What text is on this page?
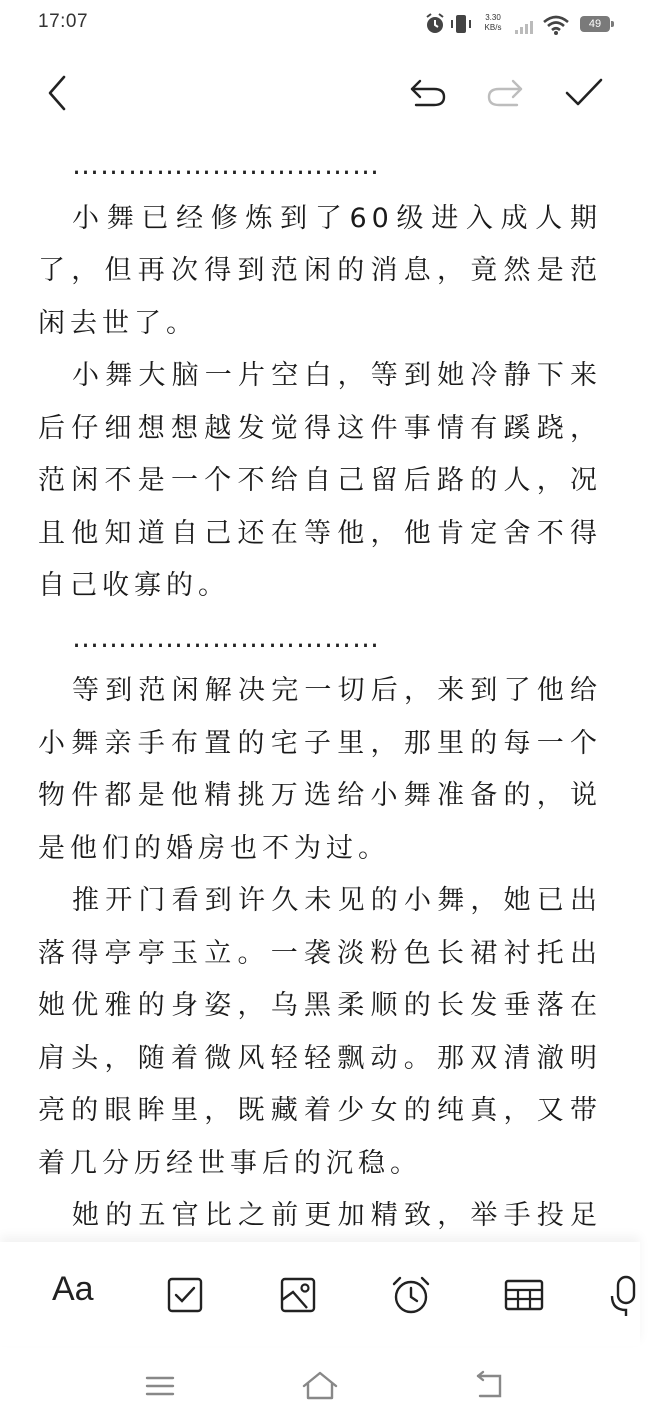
17:07	3.30
KB/s	49

……………………………

小舞已经修炼到了60级进入成人期了，但再次得到范闲的消息，竟然是范闲去世了。

小舞大脑一片空白，等到她冷静下来后仔细想想越发觉得这件事情有蹊跷，范闲不是一个不给自己留后路的人，况且他知道自己还在等他，他肯定舍不得自己收寡的。

……………………………

等到范闲解决完一切后，来到了他给小舞亲手布置的宅子里，那里的每一个物件都是他精挑万选给小舞准备的，说是他们的婚房也不为过。

推开门看到许久未见的小舞，她已出落得亭亭玉立。一袭淡粉色长裙衬托出她优雅的身姿，乌黑柔顺的长发垂落在肩头，随着微风轻轻飘动。那双清澈明亮的眼眸里，既藏着少女的纯真，又带着几分历经世事后的沉稳。

她的五官比之前更加精致，举手投足

Aa
